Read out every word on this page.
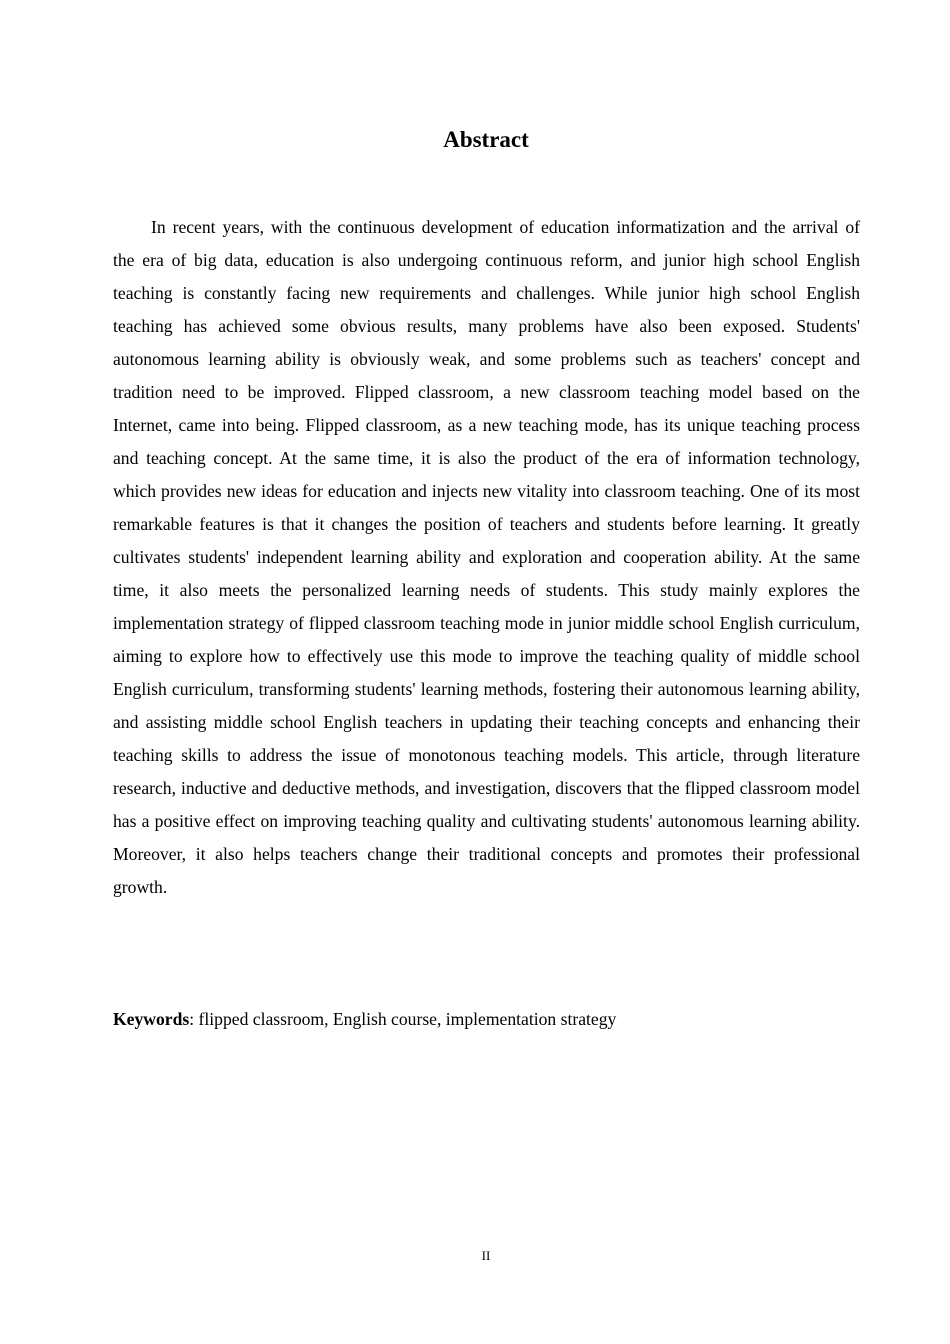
Abstract

In recent years, with the continuous development of education informatization and the arrival of the era of big data, education is also undergoing continuous reform, and junior high school English teaching is constantly facing new requirements and challenges. While junior high school English teaching has achieved some obvious results, many problems have also been exposed. Students' autonomous learning ability is obviously weak, and some problems such as teachers' concept and tradition need to be improved. Flipped classroom, a new classroom teaching model based on the Internet, came into being. Flipped classroom, as a new teaching mode, has its unique teaching process and teaching concept. At the same time, it is also the product of the era of information technology, which provides new ideas for education and injects new vitality into classroom teaching. One of its most remarkable features is that it changes the position of teachers and students before learning. It greatly cultivates students' independent learning ability and exploration and cooperation ability. At the same time, it also meets the personalized learning needs of students. This study mainly explores the implementation strategy of flipped classroom teaching mode in junior middle school English curriculum, aiming to explore how to effectively use this mode to improve the teaching quality of middle school English curriculum, transforming students' learning methods, fostering their autonomous learning ability, and assisting middle school English teachers in updating their teaching concepts and enhancing their teaching skills to address the issue of monotonous teaching models. This article, through literature research, inductive and deductive methods, and investigation, discovers that the flipped classroom model has a positive effect on improving teaching quality and cultivating students' autonomous learning ability. Moreover, it also helps teachers change their traditional concepts and promotes their professional growth.

Keywords: flipped classroom, English course, implementation strategy

II
